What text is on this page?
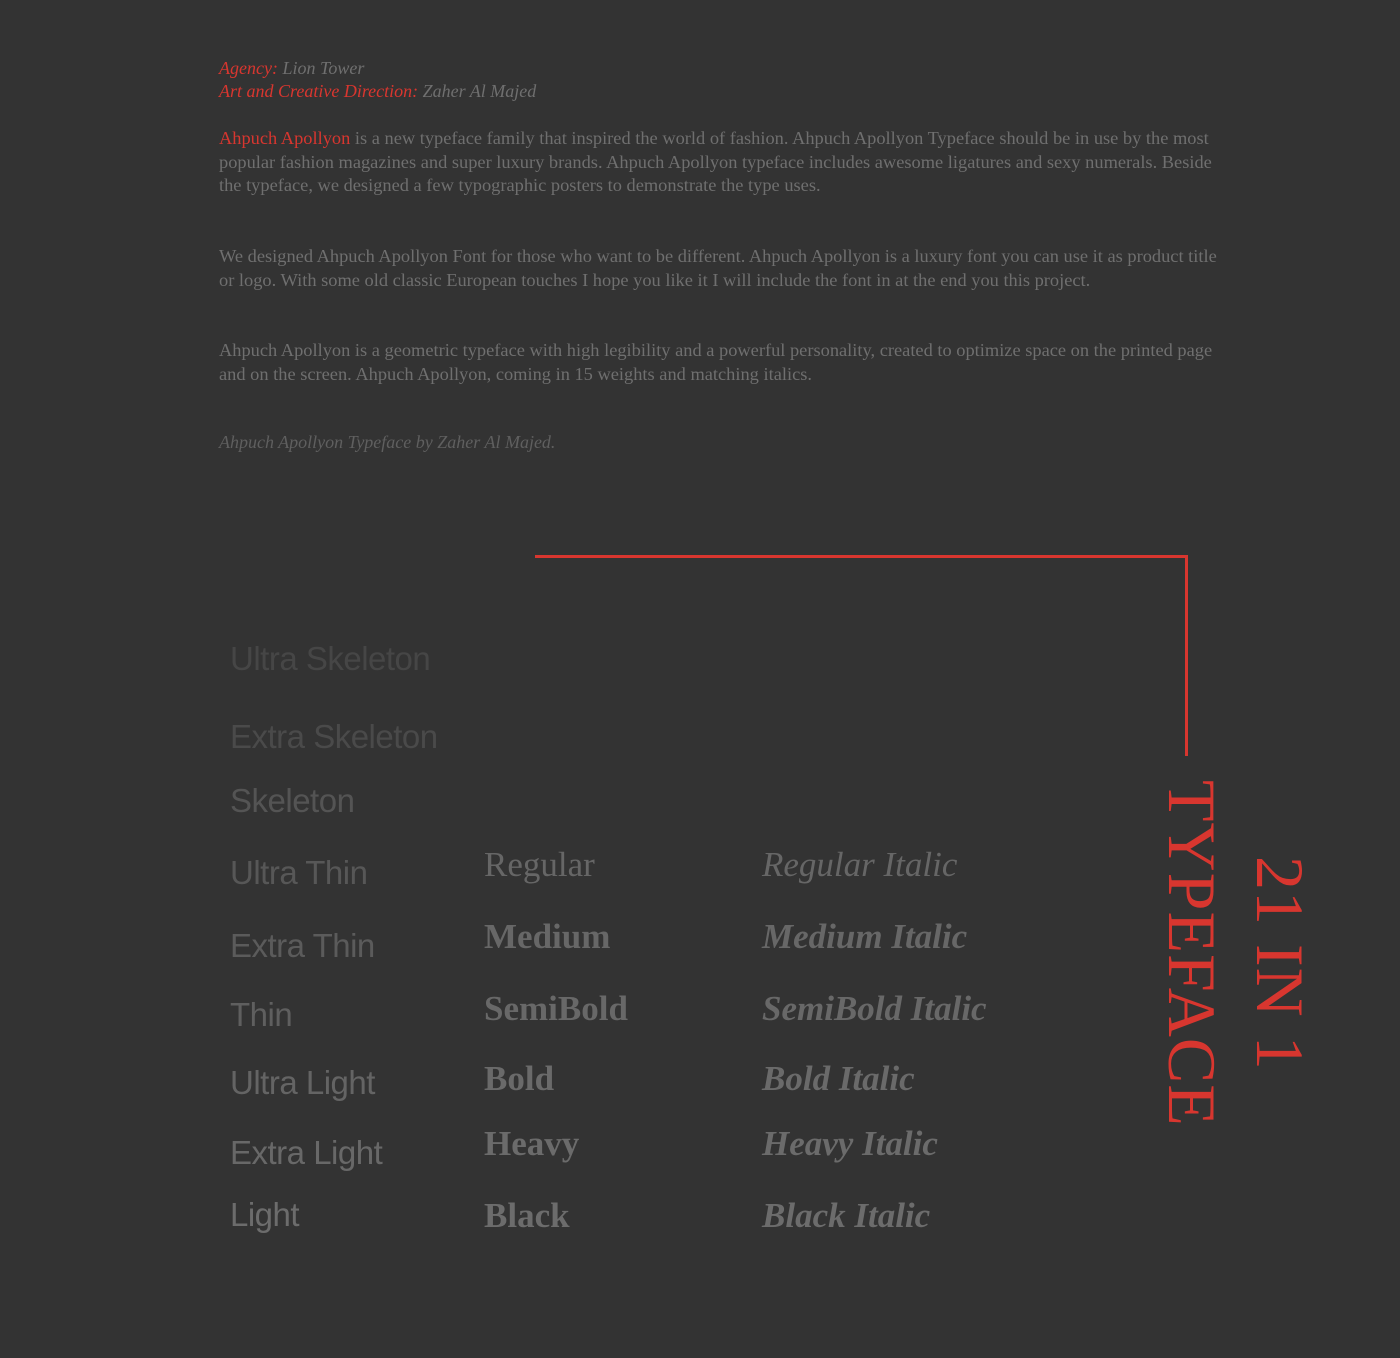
Agency: Lion Tower
Art and Creative Direction: Zaher Al Majed

Ahpuch Apollyon is a new typeface family that inspired the world of fashion. Ahpuch Apollyon Typeface should be in use by the most popular fashion magazines and super luxury brands. Ahpuch Apollyon typeface includes awesome ligatures and sexy numerals. Beside the typeface, we designed a few typographic posters to demonstrate the type uses.

We designed Ahpuch Apollyon Font for those who want to be different. Ahpuch Apollyon is a luxury font you can use it as product title or logo. With some old classic European touches I hope you like it I will include the font in at the end you this project.

Ahpuch Apollyon is a geometric typeface with high legibility and a powerful personality, created to optimize space on the printed page and on the screen. Ahpuch Apollyon, coming in 15 weights and matching italics.

Ahpuch Apollyon Typeface by Zaher Al Majed.
TYPEFACE 21 IN 1
Ultra Skeleton
Extra Skeleton
Skeleton
Ultra Thin
Extra Thin
Thin
Ultra Light
Extra Light
Light
Regular
Medium
SemiBold
Bold
Heavy
Black
Regular Italic
Medium Italic
SemiBold Italic
Bold Italic
Heavy Italic
Black Italic
